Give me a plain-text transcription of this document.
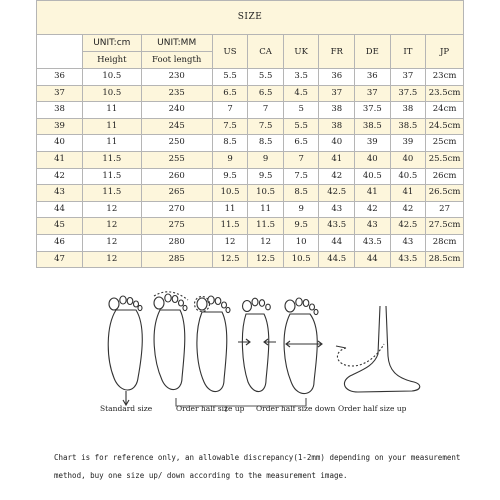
SIZE									
	UNIT:cm	UNIT:MM	US	CA	UK	FR	DE	IT	JP
	Height	Foot length							
36	10.5	230	5.5	5.5	3.5	36	36	37	23cm
37	10.5	235	6.5	6.5	4.5	37	37	37.5	23.5cm
38	11	240	7	7	5	38	37.5	38	24cm
39	11	245	7.5	7.5	5.5	38	38.5	38.5	24.5cm
40	11	250	8.5	8.5	6.5	40	39	39	25cm
41	11.5	255	9	9	7	41	40	40	25.5cm
42	11.5	260	9.5	9.5	7.5	42	40.5	40.5	26cm
43	11.5	265	10.5	10.5	8.5	42.5	41	41	26.5cm
44	12	270	11	11	9	43	42	42	27
45	12	275	11.5	11.5	9.5	43.5	43	42.5	27.5cm
46	12	280	12	12	10	44	43.5	43	28cm
47	12	285	12.5	12.5	10.5	44.5	44	43.5	28.5cm
Standard size	Order half size up Order half size down Order half size up
Chart is for reference only, an allowable discrepancy(1-2mm) depending on your measurement
method, buy one size up/ down according to the measurement image.
